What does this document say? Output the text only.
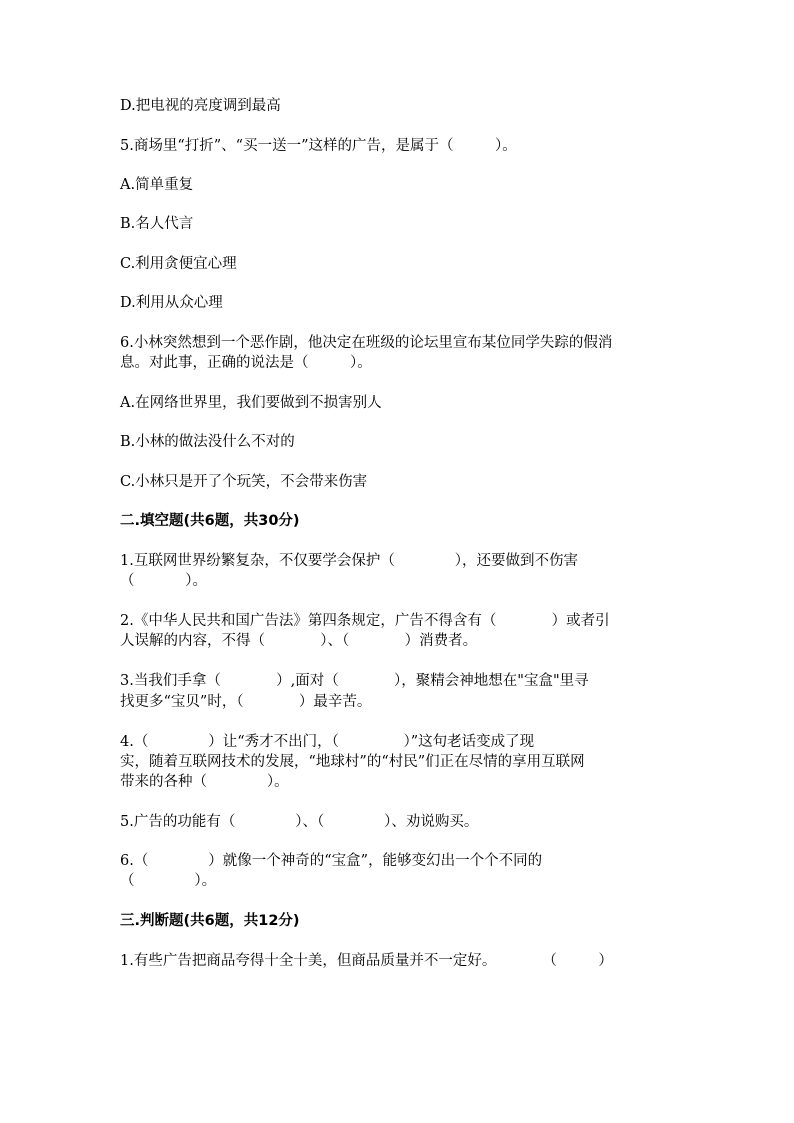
D.把电视的亮度调到最高
5.商场里“打折”、“买一送一”这样的广告，是属于（         ）。
A.简单重复
B.名人代言
C.利用贪便宜心理
D.利用从众心理
6.小林突然想到一个恶作剧，他决定在班级的论坛里宣布某位同学失踪的假消
息。对此事，正确的说法是（         ）。
A.在网络世界里，我们要做到不损害别人
B.小林的做法没什么不对的
C.小林只是开了个玩笑，不会带来伤害
二.填空题(共6题，共30分)
1.互联网世界纷繁复杂，不仅要学会保护（             ），还要做到不伤害
（           ）。
2.《中华人民共和国广告法》第四条规定，广告不得含有（            ）或者引
人误解的内容，不得（            ）、（            ）消费者。
3.当我们手拿（            ）,面对（            ），聚精会神地想在"宝盒"里寻
找更多“宝贝”时，（            ）最辛苦。
4.（             ）让“秀才不出门，（              ）”这句老话变成了现
实，随着互联网技术的发展，“地球村”的“村民”们正在尽情的享用互联网
带来的各种（             ）。
5.广告的功能有（             ）、（             ）、劝说购买。
6.（             ）就像一个神奇的“宝盒”，能够变幻出一个个不同的
（             ）。
三.判断题(共6题，共12分)
1.有些广告把商品夸得十全十美，但商品质量并不一定好。          （         ）
